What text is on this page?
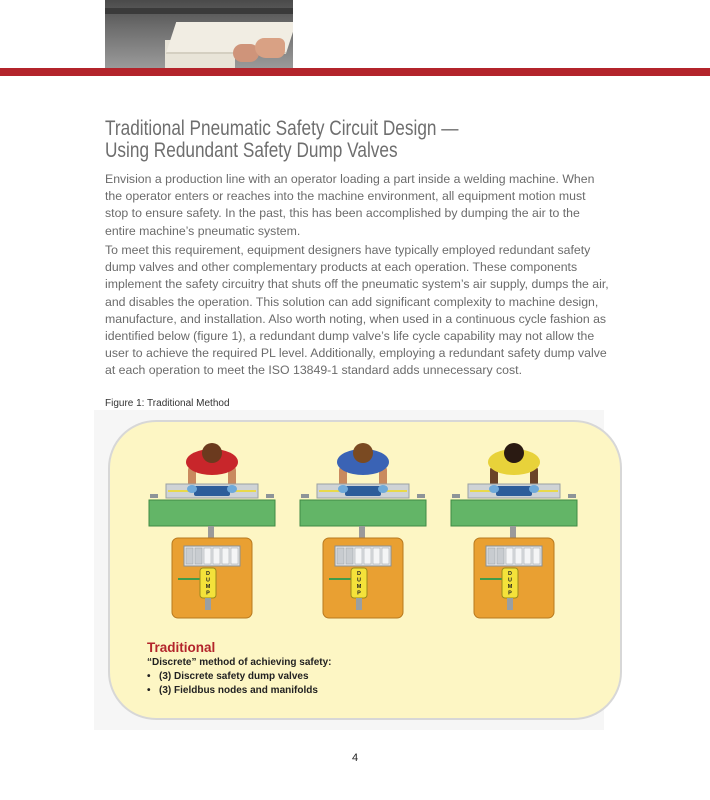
Traditional Pneumatic Safety Circuit Design —
Using Redundant Safety Dump Valves

Envision a production line with an operator loading a part inside a welding machine. When the operator enters or reaches into the machine environment, all equipment motion must stop to ensure safety. In the past, this has been accomplished by dumping the air to the entire machine’s pneumatic system.

To meet this requirement, equipment designers have typically employed redundant safety dump valves and other complementary products at each operation. These components implement the safety circuitry that shuts off the pneumatic system’s air supply, dumps the air, and disables the operation. This solution can add significant complexity to machine design, manufacture, and installation. Also worth noting, when used in a continuous cycle fashion as identified below (figure 1), a redundant dump valve’s life cycle capability may not allow the user to achieve the required PL level. Additionally, employing a redundant safety dump valve at each operation to meet the ISO 13849-1 standard adds unnecessary cost.

Figure 1: Traditional Method
D
U
M
P
D
U
M
P
D
U
M
P
Traditional
“Discrete” method of achieving safety:
• (3) Discrete safety dump valves
• (3) Fieldbus nodes and manifolds
4
